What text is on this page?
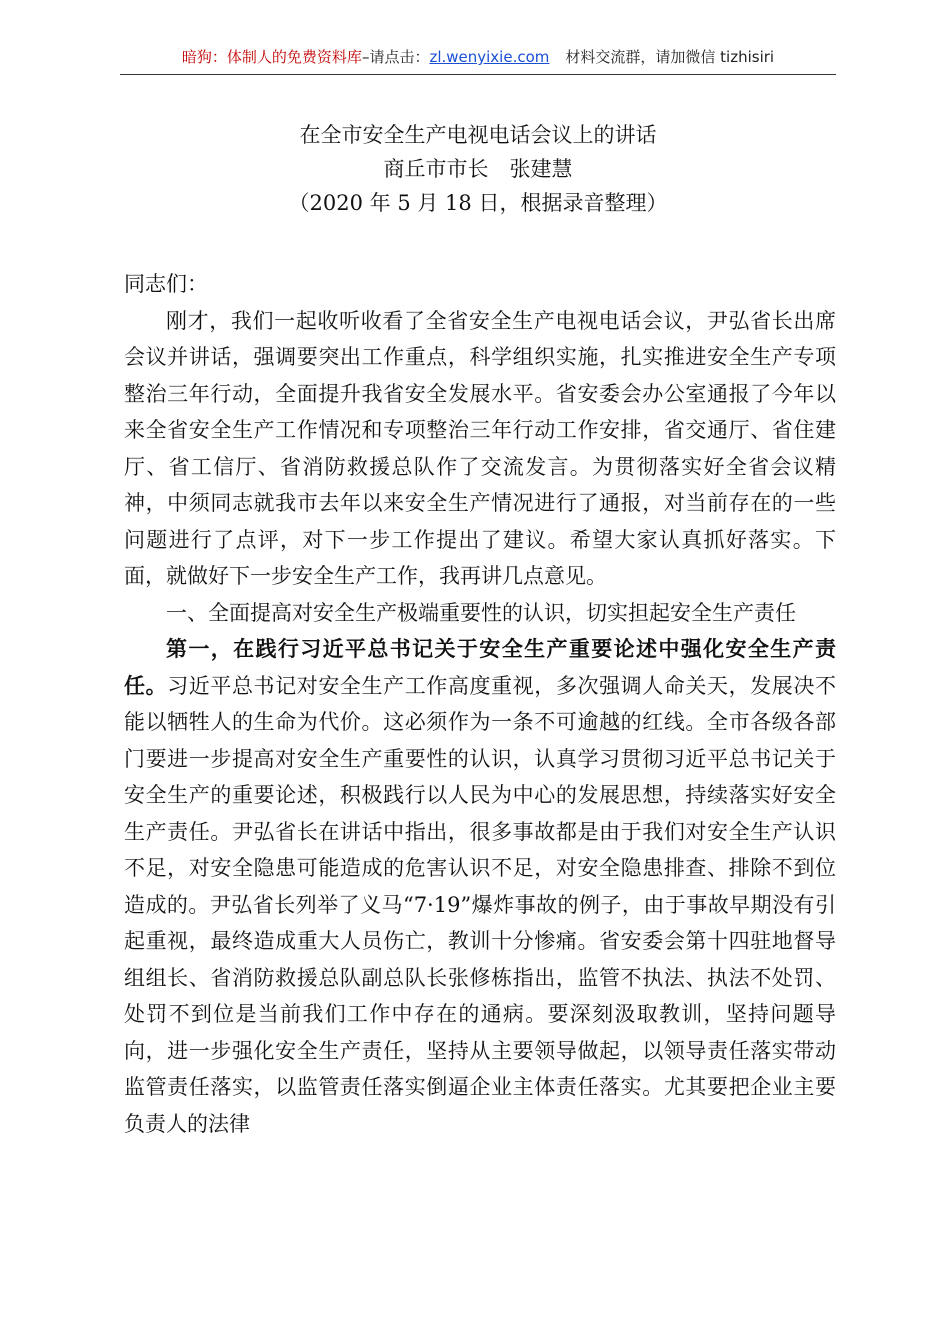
暗狗：体制人的免费资料库–请点击：zl.wenyixie.com 材料交流群，请加微信 tizhisiri
在全市安全生产电视电话会议上的讲话
商丘市市长　张建慧
（2020 年 5 月 18 日，根据录音整理）

同志们：

刚才，我们一起收听收看了全省安全生产电视电话会议，尹弘省长出席会议并讲话，强调要突出工作重点，科学组织实施，扎实推进安全生产专项整治三年行动，全面提升我省安全发展水平。省安委会办公室通报了今年以来全省安全生产工作情况和专项整治三年行动工作安排，省交通厅、省住建厅、省工信厅、省消防救援总队作了交流发言。为贯彻落实好全省会议精神，中须同志就我市去年以来安全生产情况进行了通报，对当前存在的一些问题进行了点评，对下一步工作提出了建议。希望大家认真抓好落实。下面，就做好下一步安全生产工作，我再讲几点意见。

一、全面提高对安全生产极端重要性的认识，切实担起安全生产责任

第一，在践行习近平总书记关于安全生产重要论述中强化安全生产责任。习近平总书记对安全生产工作高度重视，多次强调人命关天，发展决不能以牺牲人的生命为代价。这必须作为一条不可逾越的红线。全市各级各部门要进一步提高对安全生产重要性的认识，认真学习贯彻习近平总书记关于安全生产的重要论述，积极践行以人民为中心的发展思想，持续落实好安全生产责任。尹弘省长在讲话中指出，很多事故都是由于我们对安全生产认识不足，对安全隐患可能造成的危害认识不足，对安全隐患排查、排除不到位造成的。尹弘省长列举了义马“7·19”爆炸事故的例子，由于事故早期没有引起重视，最终造成重大人员伤亡，教训十分惨痛。省安委会第十四驻地督导组组长、省消防救援总队副总队长张修栋指出，监管不执法、执法不处罚、处罚不到位是当前我们工作中存在的通病。要深刻汲取教训，坚持问题导向，进一步强化安全生产责任，坚持从主要领导做起，以领导责任落实带动监管责任落实，以监管责任落实倒逼企业主体责任落实。尤其要把企业主要负责人的法律
